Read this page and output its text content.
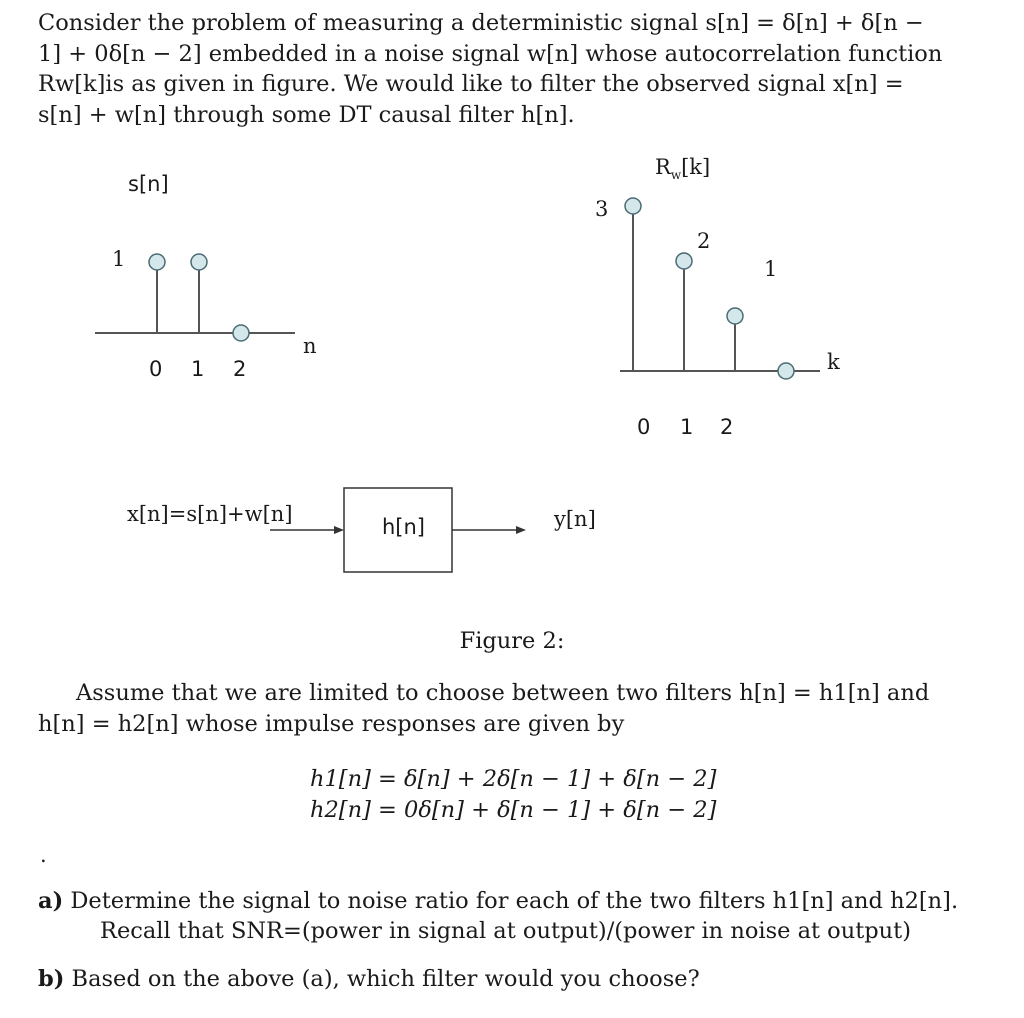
Consider the problem of measuring a deterministic signal s[n] = δ[n] + δ[n − 1] + 0δ[n − 2] embedded in a noise signal w[n] whose autocorrelation function Rw[k]is as given in figure. We would like to filter the observed signal x[n] = s[n] + w[n] through some DT causal filter h[n].
s[n]
1
n
0 1 2
$R_w[k]$
3
2
1
k
0 1 2
x[n]=s[n]+w[n]
h[n]	y[n]
Figure 2:
Assume that we are limited to choose between two filters h[n] = h1[n] and h[n] = h2[n] whose impulse responses are given by
h1[n] = δ[n] + 2δ[n − 1] + δ[n − 2]
h2[n] = 0δ[n] + δ[n − 1] + δ[n − 2]
.
a) Determine the signal to noise ratio for each of the two filters h1[n] and h2[n].
Recall that SNR=(power in signal at output)/(power in noise at output)
b) Based on the above (a), which filter would you choose?
